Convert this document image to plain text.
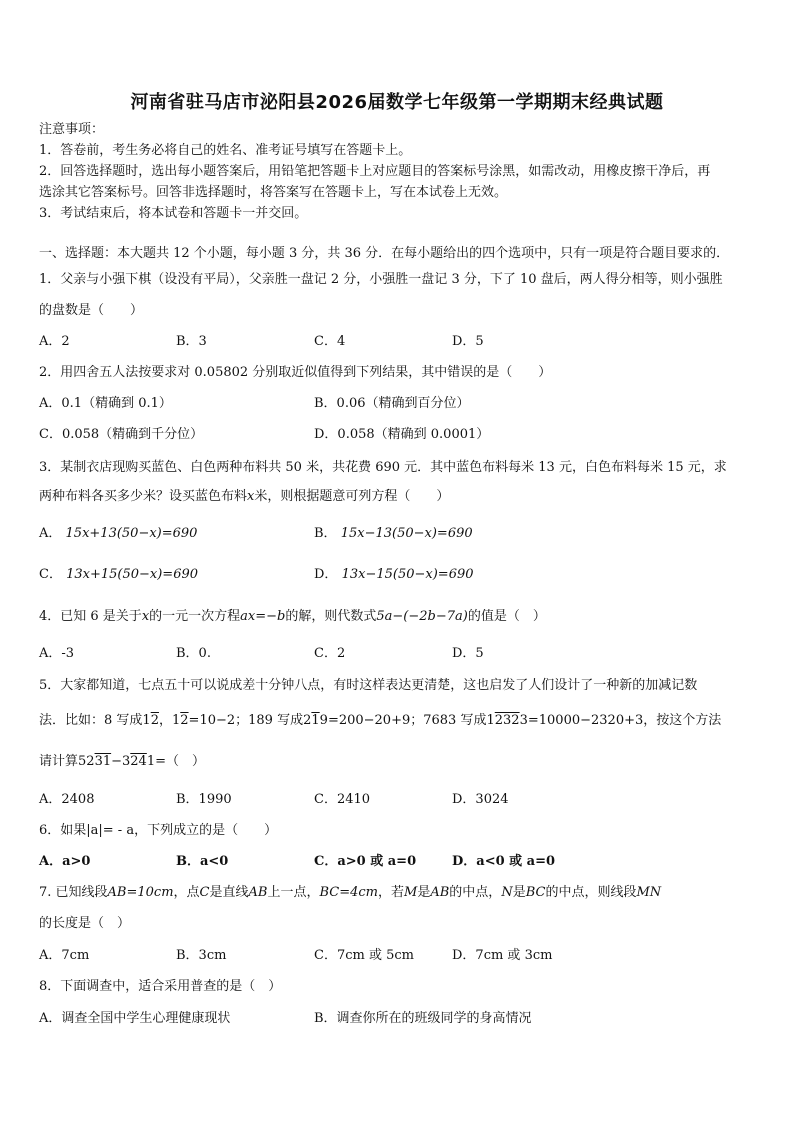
河南省驻马店市泌阳县2026届数学七年级第一学期期末经典试题
注意事项：
1．答卷前，考生务必将自己的姓名、准考证号填写在答题卡上。
2．回答选择题时，选出每小题答案后，用铅笔把答题卡上对应题目的答案标号涂黑，如需改动，用橡皮擦干净后，再
选涂其它答案标号。回答非选择题时，将答案写在答题卡上，写在本试卷上无效。
3．考试结束后，将本试卷和答题卡一并交回。
一、选择题：本大题共 12 个小题，每小题 3 分，共 36 分．在每小题给出的四个选项中，只有一项是符合题目要求的．
1．父亲与小强下棋（设没有平局），父亲胜一盘记 2 分，小强胜一盘记 3 分，下了 10 盘后，两人得分相等，则小强胜
的盘数是（　　）
A．2	B．3	C．4	D．5
2．用四舍五人法按要求对 0.05802 分别取近似值得到下列结果，其中错误的是（　　）
A．0.1（精确到 0.1）	B．0.06（精确到百分位）
C．0.058（精确到千分位）	D．0.058（精确到 0.0001）
3．某制衣店现购买蓝色、白色两种布料共 50 米，共花费 690 元．其中蓝色布料每米 13 元，白色布料每米 15 元，求
两种布料各买多少米？设买蓝色布料x米，则根据题意可列方程（　　）
A． 15x+13(50−x)=690	B． 15x−13(50−x)=690
C． 13x+15(50−x)=690	D． 13x−15(50−x)=690
4．已知 6 是关于x的一元一次方程ax=−b的解，则代数式5a−(−2b−7a)的值是（　）
A．-3	B．0.	C．2	D．5
5．大家都知道，七点五十可以说成差十分钟八点，有时这样表达更清楚，这也启发了人们设计了一种新的加减记数
法．比如：8 写成12，12=10−2；189 写成219=200−20+9；7683 写成12323=10000−2320+3，按这个方法
请计算5231−3241=（　）
A．2408	B．1990	C．2410	D．3024
6．如果|a|= - a，下列成立的是（　　）
A．a>0	B．a<0	C．a>0 或 a=0	D．a<0 或 a=0
7. 已知线段AB=10cm，点C是直线AB上一点，BC=4cm，若M是AB的中点，N是BC的中点，则线段MN
的长度是（　）
A．7cm	B．3cm	C．7cm 或 5cm	D．7cm 或 3cm
8．下面调查中，适合采用普查的是（　）
A．调查全国中学生心理健康现状	B．调查你所在的班级同学的身高情况
